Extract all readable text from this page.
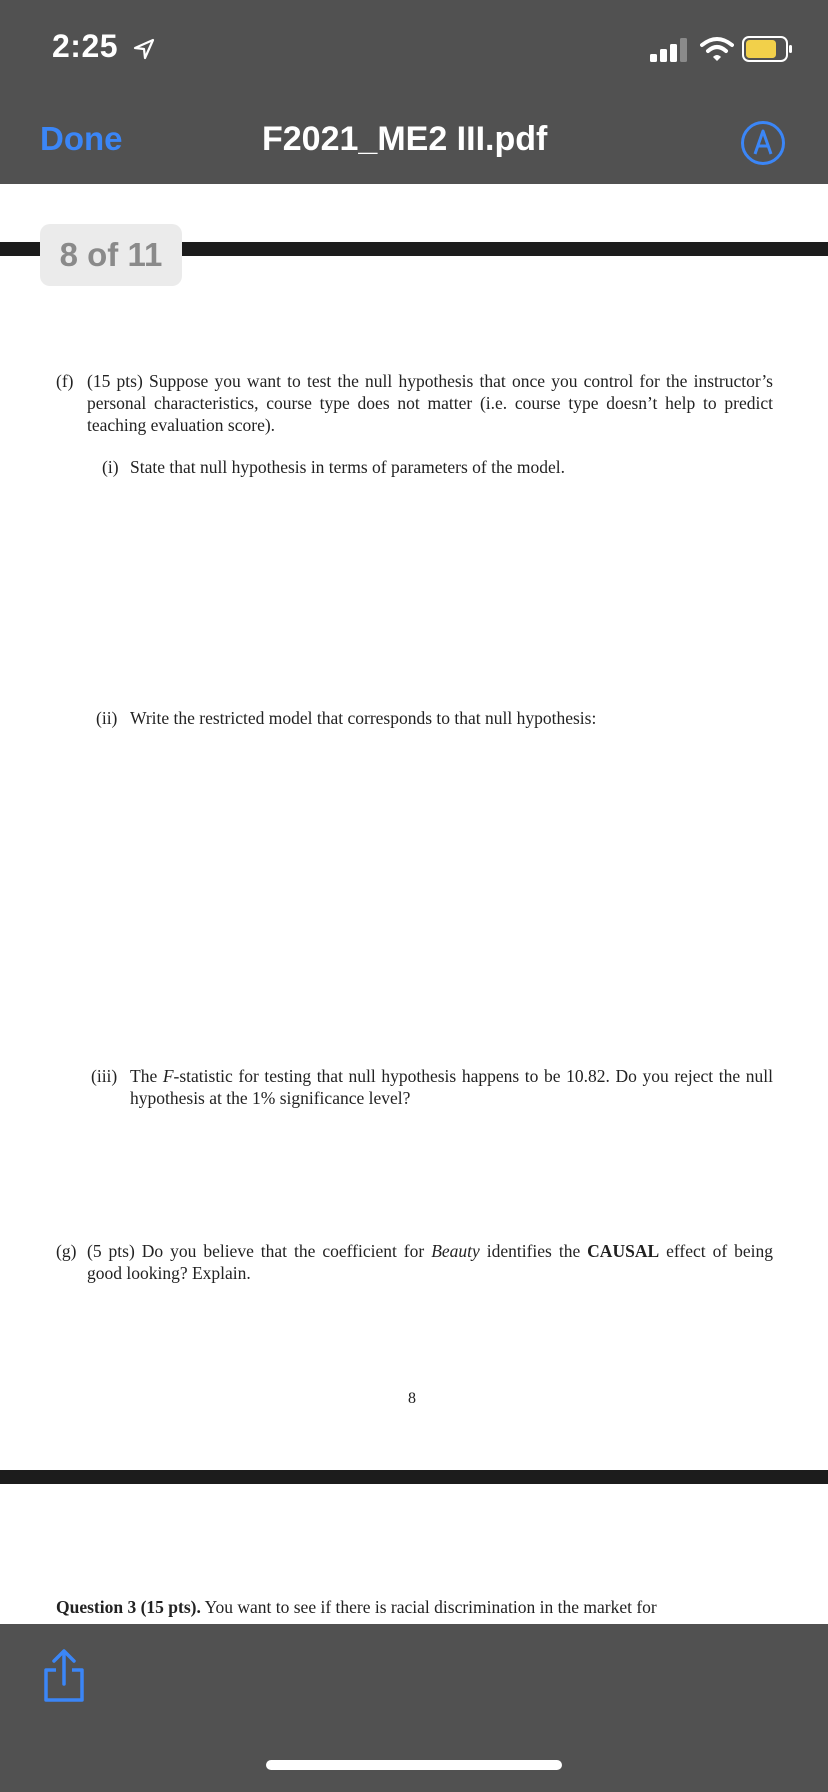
(f) (15 pts) Suppose you want to test the null hypothesis that once you control for the instructor’s personal characteristics, course type does not matter (i.e. course type doesn’t help to predict teaching evaluation score).
(i) State that null hypothesis in terms of parameters of the model.
(ii) Write the restricted model that corresponds to that null hypothesis:
(iii) The F-statistic for testing that null hypothesis happens to be 10.82. Do you reject the null hypothesis at the 1% significance level?
(g) (5 pts) Do you believe that the coefficient for Beauty identifies the CAUSAL effect of being good looking? Explain.
8
Question 3 (15 pts). You want to see if there is racial discrimination in the market for
8 of 11
2:25
Done	F2021_ME2 III.pdf
